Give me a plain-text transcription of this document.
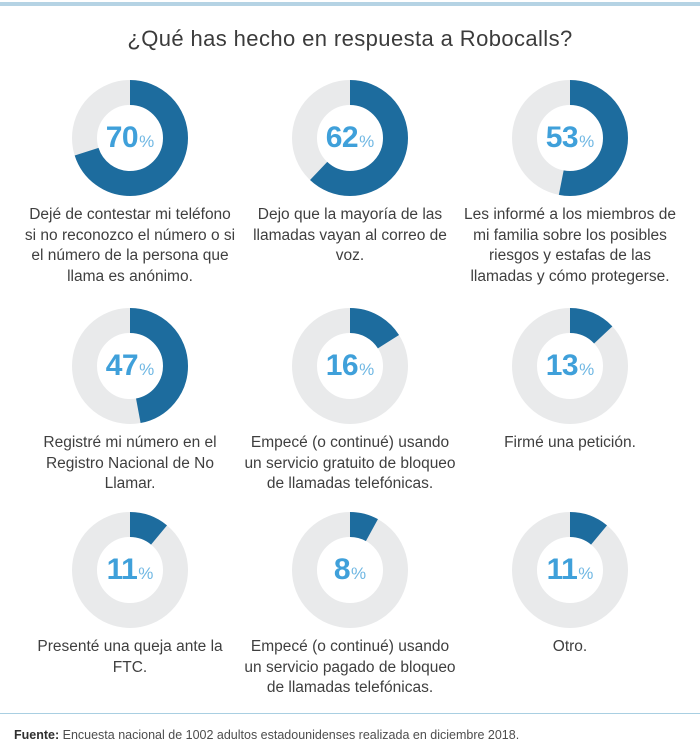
¿Qué has hecho en respuesta a Robocalls?
70 %
Dejé de contestar mi teléfono si no reconozco el número o si el número de la persona que llama es anónimo.
62 %
Dejo que la mayoría de las llamadas vayan al correo de voz.
53 %
Les informé a los miembros de mi familia sobre los posibles riesgos y estafas de las llamadas y cómo protegerse.
47 %
Registré mi número en el Registro Nacional de No Llamar.
16 %
Empecé (o continué) usando un servicio gratuito de bloqueo de llamadas telefónicas.
13 %
Firmé una petición.
11 %
Presenté una queja ante la FTC.
8 %
Empecé (o continué) usando un servicio pagado de bloqueo de llamadas telefónicas.
11 %
Otro.
Fuente: Encuesta nacional de 1002 adultos estadounidenses realizada en diciembre 2018.
